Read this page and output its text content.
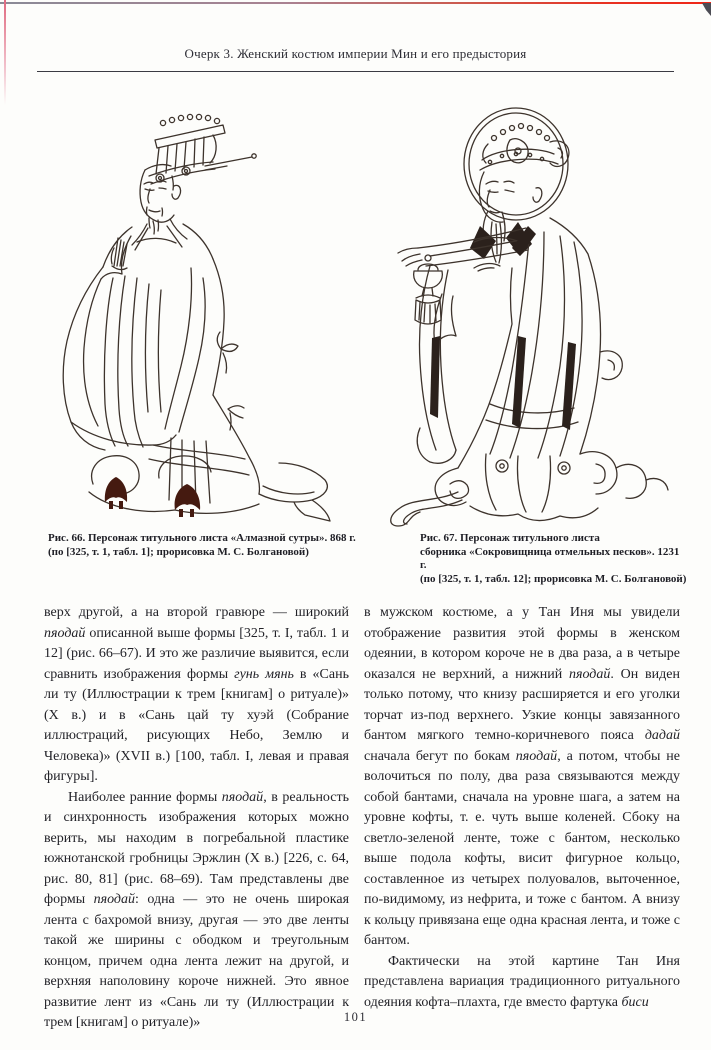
Очерк 3. Женский костюм империи Мин и его предыстория
Рис. 66. Персонаж титульного листа «Алмазной сутры». 868 г.
(по [325, т. 1, табл. 1]; прорисовка М. С. Болгановой)
Рис. 67. Персонаж титульного листа
сборника «Сокровищница отмельных песков». 1231 г.
(по [325, т. 1, табл. 12]; прорисовка М. С. Болгановой)

верх другой, а на второй гравюре — широкий пяодай описанной выше формы [325, т. I, табл. 1 и 12] (рис. 66–67). И это же различие выявится, если сравнить изображения формы гунь мянь в «Сань ли ту (Иллюстрации к трем [книгам] о ритуале)» (X в.) и в «Сань цай ту хуэй (Собрание иллюстраций, рисующих Небо, Землю и Человека)» (XVII в.) [100, табл. I, левая и правая фигуры].

Наиболее ранние формы пяодай, в реальность и синхронность изображения которых можно верить, мы находим в погребальной пластике южнотанской гробницы Эржлин (X в.) [226, с. 64, рис. 80, 81] (рис. 68–69). Там представлены две формы пяодай: одна — это не очень широкая лента с бахромой внизу, другая — это две ленты такой же ширины с ободком и треугольным концом, причем одна лента лежит на другой, и верхняя наполовину короче нижней. Это явное развитие лент из «Сань ли ту (Иллюстрации к трем [книгам] о ритуале)»

в мужском костюме, а у Тан Иня мы увидели отображение развития этой формы в женском одеянии, в котором короче не в два раза, а в четыре оказался не верхний, а нижний пяодай. Он виден только потому, что книзу расширяется и его уголки торчат из-под верхнего. Узкие концы завязанного бантом мягкого темно-коричневого пояса дадай сначала бегут по бокам пяодай, а потом, чтобы не волочиться по полу, два раза связываются между собой бантами, сначала на уровне шага, а затем на уровне кофты, т. е. чуть выше коленей. Сбоку на светло-зеленой ленте, тоже с бантом, несколько выше подола кофты, висит фигурное кольцо, составленное из четырех полуовалов, выточенное, по-видимому, из нефрита, и тоже с бантом. А внизу к кольцу привязана еще одна красная лента, и тоже с бантом.

Фактически на этой картине Тан Иня представлена вариация традиционного ритуального одеяния кофта–плахта, где вместо фартука биси

101
